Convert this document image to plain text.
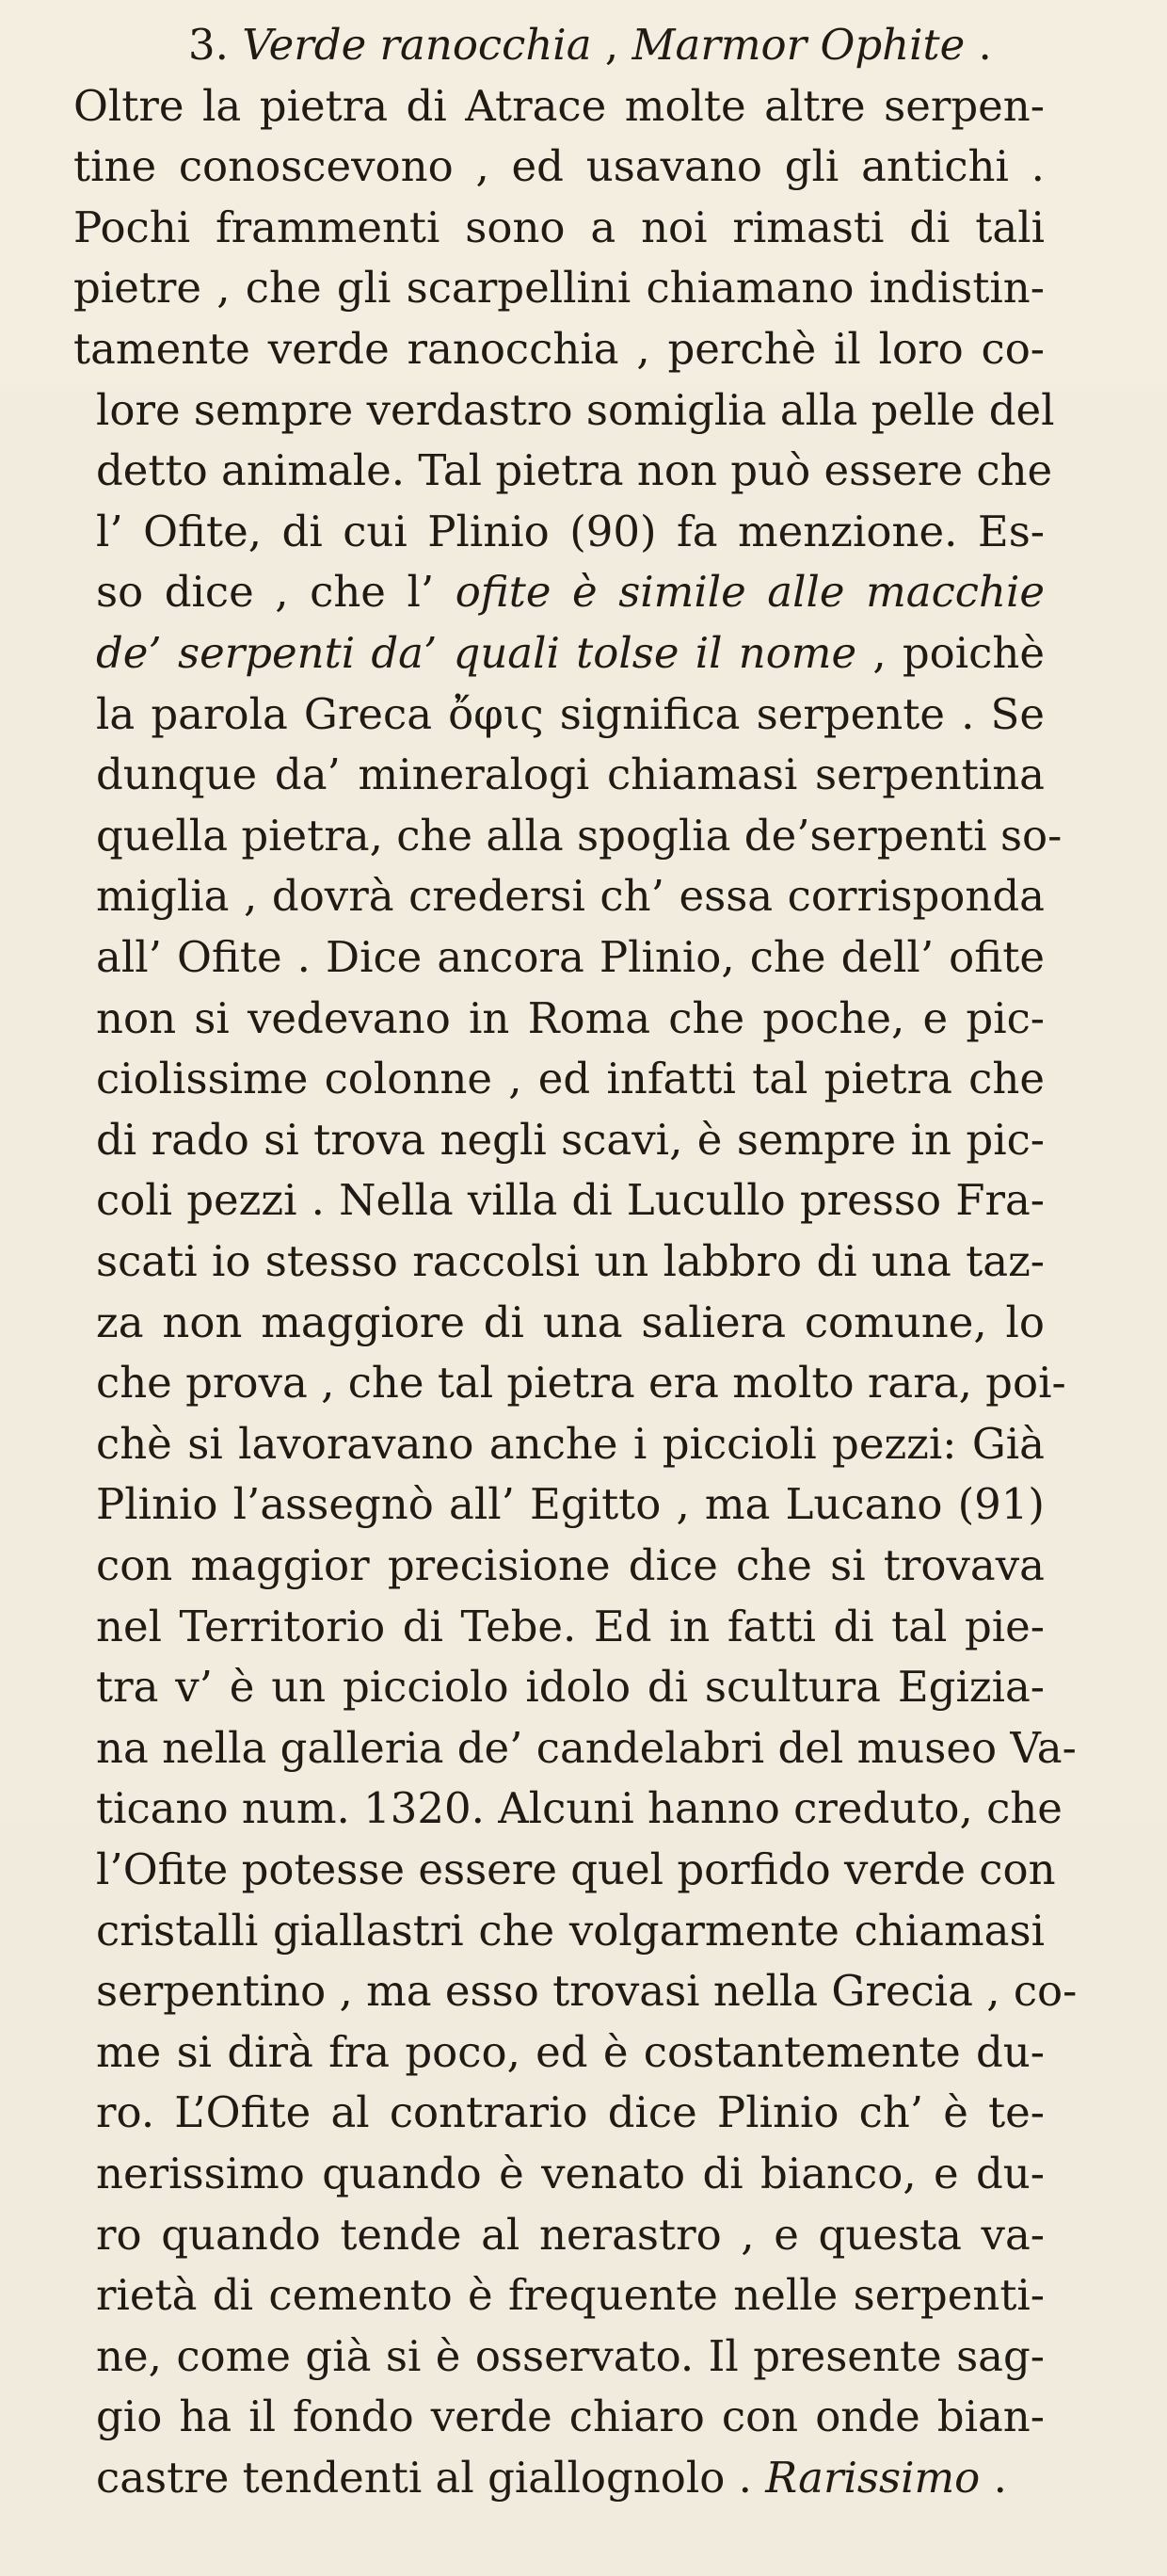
3. Verde ranocchia , Marmor Ophite .
Oltre la pietra di Atrace molte altre serpen-
tine conoscevono , ed usavano gli antichi .
Pochi frammenti sono a noi rimasti di tali
pietre , che gli scarpellini chiamano indistin-
tamente verde ranocchia , perchè il loro co-
lore sempre verdastro somiglia alla pelle del
detto animale. Tal pietra non può essere che
l’ Ofite, di cui Plinio (90) fa menzione. Es-
so dice , che l’ ofite è simile alle macchie
de’ serpenti da’ quali tolse il nome , poichè
la parola Greca ὄφις significa serpente . Se
dunque da’ mineralogi chiamasi serpentina
quella pietra, che alla spoglia de’serpenti so-
miglia , dovrà credersi ch’ essa corrisponda
all’ Ofite . Dice ancora Plinio, che dell’ ofite
non si vedevano in Roma che poche, e pic-
ciolissime colonne , ed infatti tal pietra che
di rado si trova negli scavi, è sempre in pic-
coli pezzi . Nella villa di Lucullo presso Fra-
scati io stesso raccolsi un labbro di una taz-
za non maggiore di una saliera comune, lo
che prova , che tal pietra era molto rara, poi-
chè si lavoravano anche i piccioli pezzi: Già
Plinio l’assegnò all’ Egitto , ma Lucano (91)
con maggior precisione dice che si trovava
nel Territorio di Tebe. Ed in fatti di tal pie-
tra v’ è un picciolo idolo di scultura Egizia-
na nella galleria de’ candelabri del museo Va-
ticano num. 1320. Alcuni hanno creduto, che
l’Ofite potesse essere quel porfido verde con
cristalli giallastri che volgarmente chiamasi
serpentino , ma esso trovasi nella Grecia , co-
me si dirà fra poco, ed è costantemente du-
ro. L’Ofite al contrario dice Plinio ch’ è te-
nerissimo quando è venato di bianco, e du-
ro quando tende al nerastro , e questa va-
rietà di cemento è frequente nelle serpenti-
ne, come già si è osservato. Il presente sag-
gio ha il fondo verde chiaro con onde bian-
castre tendenti al giallognolo . Rarissimo .
